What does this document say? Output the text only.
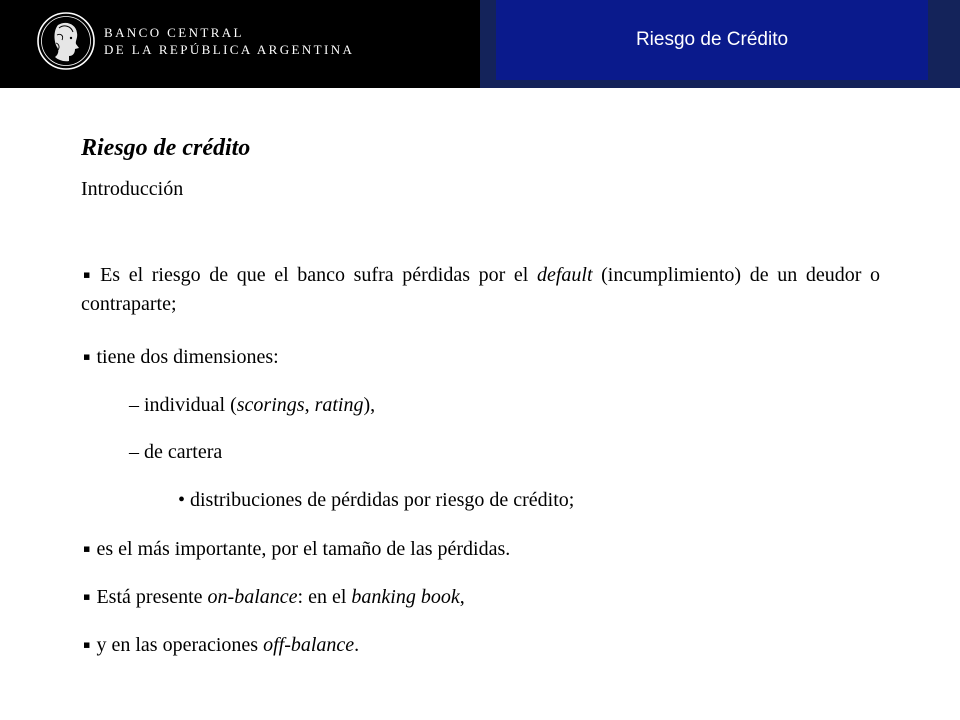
Riesgo de Crédito
BANCO CENTRAL
DE LA REPÚBLICA ARGENTINA
Riesgo de crédito
Introducción
▪ Es el riesgo de que el banco sufra pérdidas por el default (incumplimiento) de un deudor o contraparte;
▪ tiene dos dimensiones:
– individual (scorings, rating),
– de cartera
• distribuciones de pérdidas por riesgo de crédito;
▪ es el más importante, por el tamaño de las pérdidas.
▪ Está presente on-balance: en el banking book,
▪ y en las operaciones off-balance.
